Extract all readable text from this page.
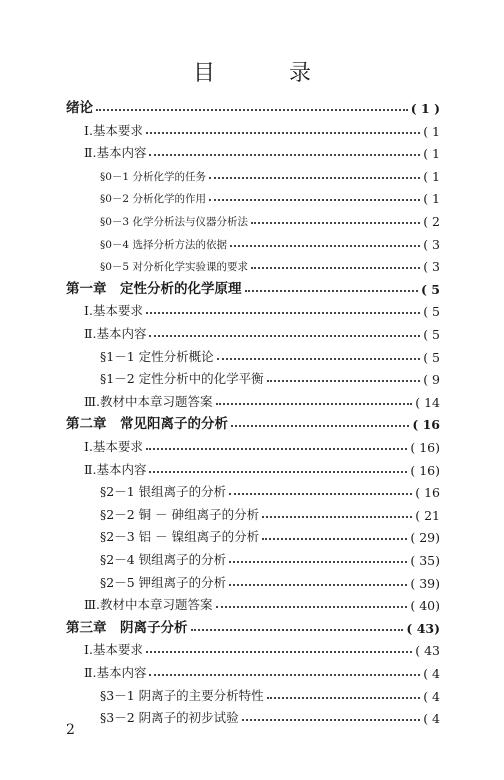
目　录
绪论	( 1 )
Ⅰ.基本要求	( 1
Ⅱ.基本内容	( 1
§0－1 分析化学的任务	( 1
§0－2 分析化学的作用	( 1
§0－3 化学分析法与仪器分析法	( 2
§0－4 选择分析方法的依据	( 3
§0－5 对分析化学实验课的要求	( 3
第一章　定性分析的化学原理	( 5
Ⅰ.基本要求	( 5
Ⅱ.基本内容	( 5
§1－1 定性分析概论	( 5
§1－2 定性分析中的化学平衡	( 9
Ⅲ.教材中本章习题答案	( 14
第二章　常见阳离子的分析	( 16
Ⅰ.基本要求	( 16)
Ⅱ.基本内容	( 16)
§2－1 银组离子的分析	( 16
§2－2 铜 － 砷组离子的分析	( 21
§2－3 铝 － 镍组离子的分析	( 29)
§2－4 钡组离子的分析	( 35)
§2－5 钾组离子的分析	( 39)
Ⅲ.教材中本章习题答案	( 40)
第三章　阴离子分析	( 43)
Ⅰ.基本要求	( 43
Ⅱ.基本内容	( 4
§3－1 阴离子的主要分析特性	( 4
§3－2 阴离子的初步试验	( 4
2
